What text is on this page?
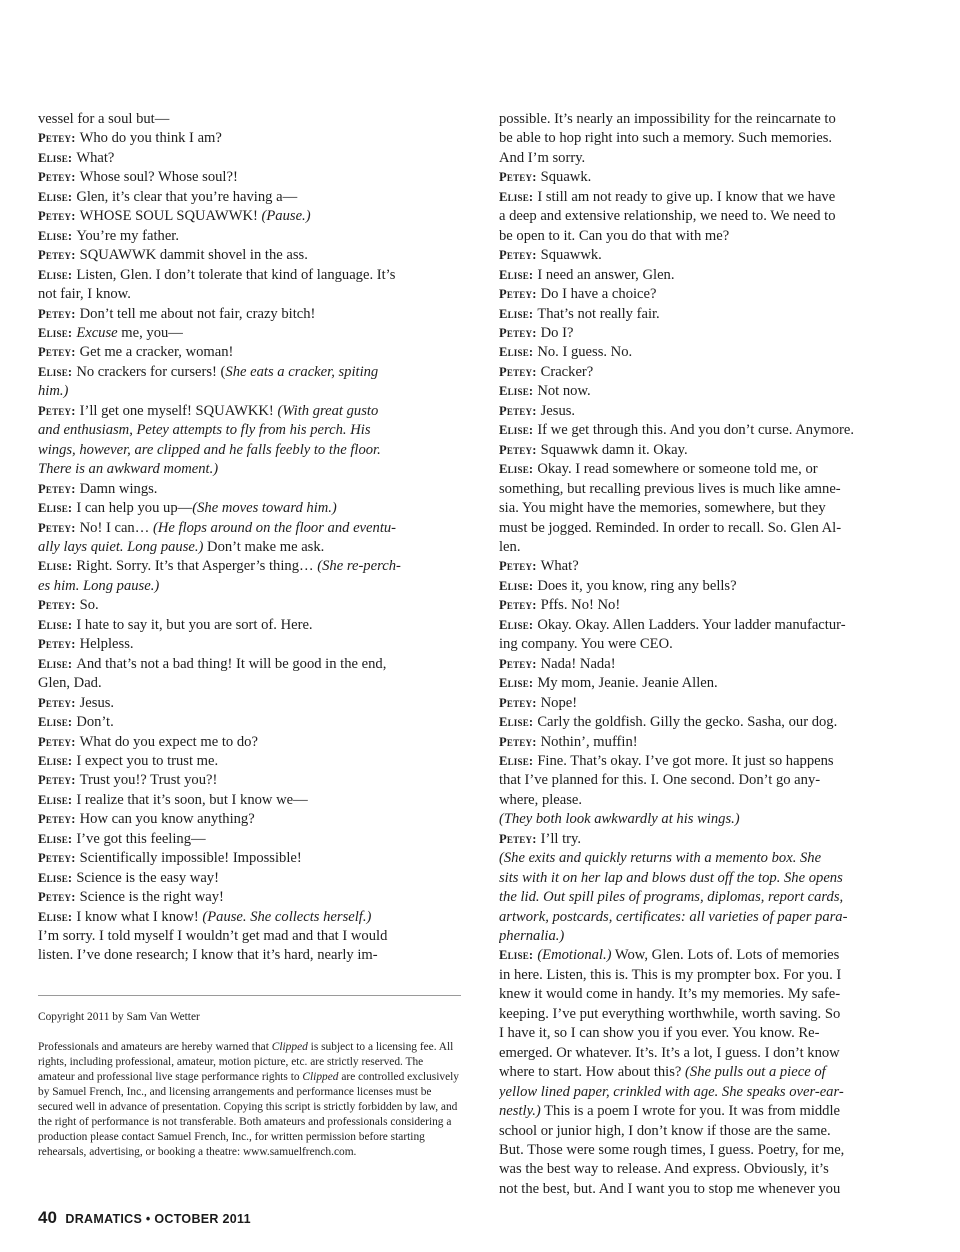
vessel for a soul but—
Petey: Who do you think I am?
Elise: What?
Petey: Whose soul? Whose soul?!
Elise: Glen, it’s clear that you’re having a—
Petey: WHOSE SOUL SQUAWWK! (Pause.)
Elise: You’re my father.
Petey: SQUAWWK dammit shovel in the ass.
Elise: Listen, Glen. I don’t tolerate that kind of language. It’s
not fair, I know.
Petey: Don’t tell me about not fair, crazy bitch!
Elise: Excuse me, you—
Petey: Get me a cracker, woman!
Elise: No crackers for cursers! (She eats a cracker, spiting
him.)
Petey: I’ll get one myself! SQUAWKK! (With great gusto
and enthusiasm, Petey attempts to fly from his perch. His
wings, however, are clipped and he falls feebly to the floor.
There is an awkward moment.)
Petey: Damn wings.
Elise: I can help you up—(She moves toward him.)
Petey: No! I can… (He flops around on the floor and eventu-
ally lays quiet. Long pause.) Don’t make me ask.
Elise: Right. Sorry. It’s that Asperger’s thing… (She re-perch-
es him. Long pause.)
Petey: So.
Elise: I hate to say it, but you are sort of. Here.
Petey: Helpless.
Elise: And that’s not a bad thing! It will be good in the end,
Glen, Dad.
Petey: Jesus.
Elise: Don’t.
Petey: What do you expect me to do?
Elise: I expect you to trust me.
Petey: Trust you!? Trust you?!
Elise: I realize that it’s soon, but I know we—
Petey: How can you know anything?
Elise: I’ve got this feeling—
Petey: Scientifically impossible! Impossible!
Elise: Science is the easy way!
Petey: Science is the right way!
Elise: I know what I know! (Pause. She collects herself.)
I’m sorry. I told myself I wouldn’t get mad and that I would
listen. I’ve done research; I know that it’s hard, nearly im-
possible. It’s nearly an impossibility for the reincarnate to
be able to hop right into such a memory. Such memories.
And I’m sorry.
Petey: Squawk.
Elise: I still am not ready to give up. I know that we have
a deep and extensive relationship, we need to. We need to
be open to it. Can you do that with me?
Petey: Squawwk.
Elise: I need an answer, Glen.
Petey: Do I have a choice?
Elise: That’s not really fair.
Petey: Do I?
Elise: No. I guess. No.
Petey: Cracker?
Elise: Not now.
Petey: Jesus.
Elise: If we get through this. And you don’t curse. Anymore.
Petey: Squawwk damn it. Okay.
Elise: Okay. I read somewhere or someone told me, or
something, but recalling previous lives is much like amne-
sia. You might have the memories, somewhere, but they
must be jogged. Reminded. In order to recall. So. Glen Al-
len.
Petey: What?
Elise: Does it, you know, ring any bells?
Petey: Pffs. No! No!
Elise: Okay. Okay. Allen Ladders. Your ladder manufactur-
ing company. You were CEO.
Petey: Nada! Nada!
Elise: My mom, Jeanie. Jeanie Allen.
Petey: Nope!
Elise: Carly the goldfish. Gilly the gecko. Sasha, our dog.
Petey: Nothin’, muffin!
Elise: Fine. That’s okay. I’ve got more. It just so happens
that I’ve planned for this. I. One second. Don’t go any-
where, please.
(They both look awkwardly at his wings.)
Petey: I’ll try.
(She exits and quickly returns with a memento box. She
sits with it on her lap and blows dust off the top. She opens
the lid. Out spill piles of programs, diplomas, report cards,
artwork, postcards, certificates: all varieties of paper para-
phernalia.)
Elise: (Emotional.) Wow, Glen. Lots of. Lots of memories
in here. Listen, this is. This is my prompter box. For you. I
knew it would come in handy. It’s my memories. My safe-
keeping. I’ve put everything worthwhile, worth saving. So
I have it, so I can show you if you ever. You know. Re-
emerged. Or whatever. It’s. It’s a lot, I guess. I don’t know
where to start. How about this? (She pulls out a piece of
yellow lined paper, crinkled with age. She speaks over-ear-
nestly.) This is a poem I wrote for you. It was from middle
school or junior high, I don’t know if those are the same.
But. Those were some rough times, I guess. Poetry, for me,
was the best way to release. And express. Obviously, it’s
not the best, but. And I want you to stop me whenever you
Copyright 2011 by Sam Van Wetter
Professionals and amateurs are hereby warned that Clipped is subject to a licensing fee. All rights, including professional, amateur, motion picture, etc. are strictly reserved. The amateur and professional live stage performance rights to Clipped are controlled exclusively by Samuel French, Inc., and licensing arrangements and performance licenses must be secured well in advance of presentation. Copying this script is strictly forbidden by law, and the right of performance is not transferable. Both amateurs and professionals considering a production please contact Samuel French, Inc., for written permission before starting rehearsals, advertising, or booking a theatre: www.samuelfrench.com.
40 DRAMATICS • OCTOBER 2011
